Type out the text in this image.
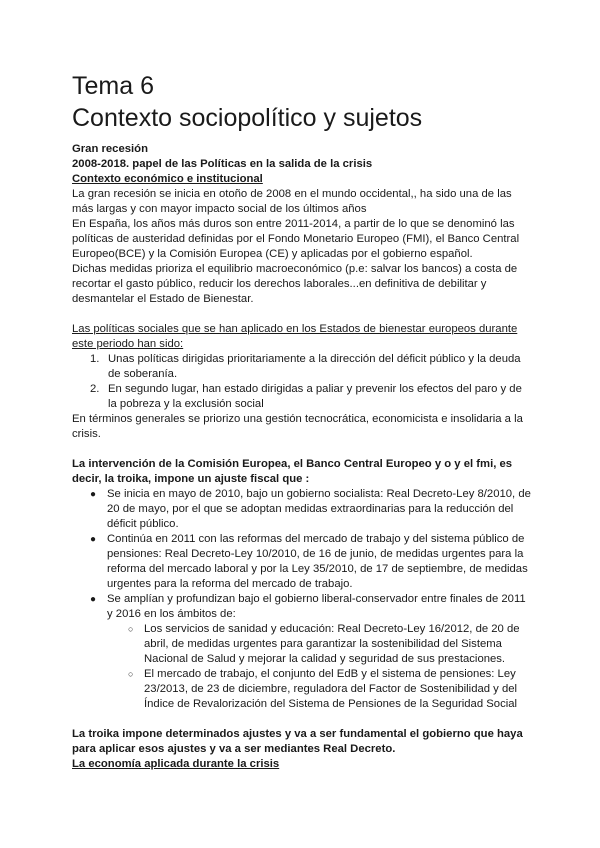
Tema 6
Contexto sociopolítico y sujetos

Gran recesión

2008-2018. papel de las Políticas en la salida de la crisis

Contexto económico e institucional

La gran recesión se inicia en otoño de 2008 en el mundo occidental,, ha sido una de las más largas y con mayor impacto social de los últimos años

En España, los años más duros son entre 2011-2014, a partir de lo que se denominó las políticas de austeridad definidas por el Fondo Monetario Europeo (FMI), el Banco Central Europeo(BCE) y la Comisión Europea (CE) y aplicadas por el gobierno español.

Dichas medidas prioriza el equilibrio macroeconómico (p.e: salvar los bancos) a costa de recortar el gasto público, reducir los derechos laborales...en definitiva de debilitar y desmantelar el Estado de Bienestar.

Las políticas sociales que se han aplicado en los Estados de bienestar europeos durante este periodo han sido:

1. Unas políticas dirigidas prioritariamente a la dirección del déficit público y la deuda de soberanía.
2. En segundo lugar, han estado dirigidas a paliar y prevenir los efectos del paro y de la pobreza y la exclusión social

En términos generales se priorizo una gestión tecnocrática, economicista e insolidaria a la crisis.

La intervención de la Comisión Europea, el Banco Central Europeo y o y el fmi, es decir, la troika, impone un ajuste fiscal que :

● Se inicia en mayo de 2010, bajo un gobierno socialista: Real Decreto-Ley 8/2010, de 20 de mayo, por el que se adoptan medidas extraordinarias para la reducción del déficit público.
● Continúa en 2011 con las reformas del mercado de trabajo y del sistema público de pensiones: Real Decreto-Ley 10/2010, de 16 de junio, de medidas urgentes para la reforma del mercado laboral y por la Ley 35/2010, de 17 de septiembre, de medidas urgentes para la reforma del mercado de trabajo.
● Se amplían y profundizan bajo el gobierno liberal-conservador entre finales de 2011 y 2016 en los ámbitos de:
○ Los servicios de sanidad y educación: Real Decreto-Ley 16/2012, de 20 de abril, de medidas urgentes para garantizar la sostenibilidad del Sistema Nacional de Salud y mejorar la calidad y seguridad de sus prestaciones.
○ El mercado de trabajo, el conjunto del EdB y el sistema de pensiones: Ley 23/2013, de 23 de diciembre, reguladora del Factor de Sostenibilidad y del Índice de Revalorización del Sistema de Pensiones de la Seguridad Social

La troika impone determinados ajustes y va a ser fundamental el gobierno que haya para aplicar esos ajustes y va a ser mediantes Real Decreto.

La economía aplicada durante la crisis
